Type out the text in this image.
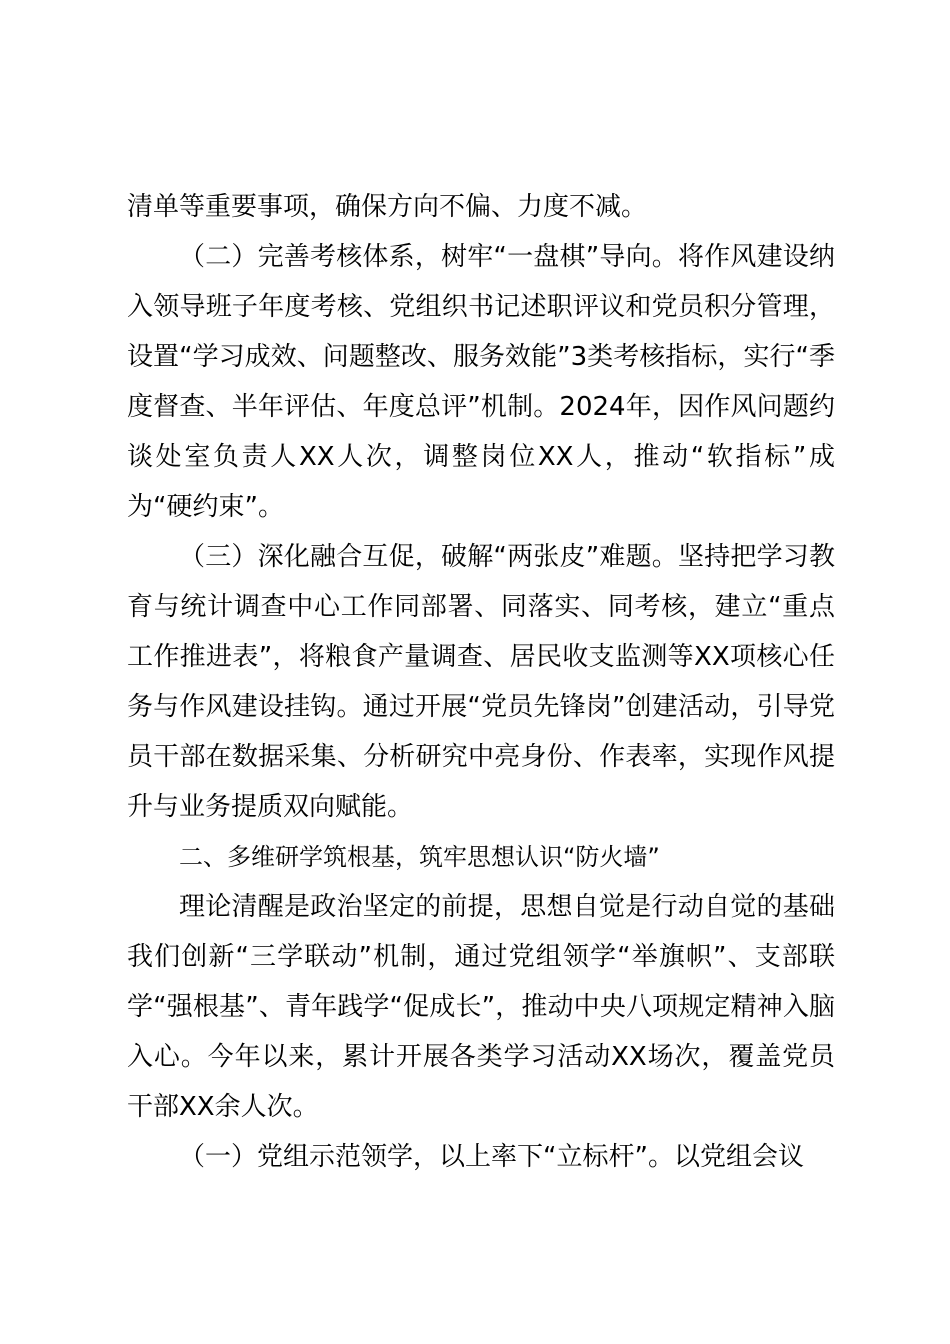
清单等重要事项，确保方向不偏、力度不减。

（二）完善考核体系，树牢“一盘棋”导向。将作风建设纳入领导班子年度考核、党组织书记述职评议和党员积分管理，设置“学习成效、问题整改、服务效能”3类考核指标，实行“季度督查、半年评估、年度总评”机制。2024年，因作风问题约谈处室负责人XX人次，调整岗位XX人，推动“软指标”成为“硬约束”。

（三）深化融合互促，破解“两张皮”难题。坚持把学习教育与统计调查中心工作同部署、同落实、同考核，建立“重点工作推进表”，将粮食产量调查、居民收支监测等XX项核心任务与作风建设挂钩。通过开展“党员先锋岗”创建活动，引导党员干部在数据采集、分析研究中亮身份、作表率，实现作风提升与业务提质双向赋能。

二、多维研学筑根基，筑牢思想认识“防火墙”

理论清醒是政治坚定的前提，思想自觉是行动自觉的基础我们创新“三学联动”机制，通过党组领学“举旗帜”、支部联学“强根基”、青年践学“促成长”，推动中央八项规定精神入脑入心。今年以来，累计开展各类学习活动XX场次，覆盖党员干部XX余人次。

（一）党组示范领学，以上率下“立标杆”。以党组会议
